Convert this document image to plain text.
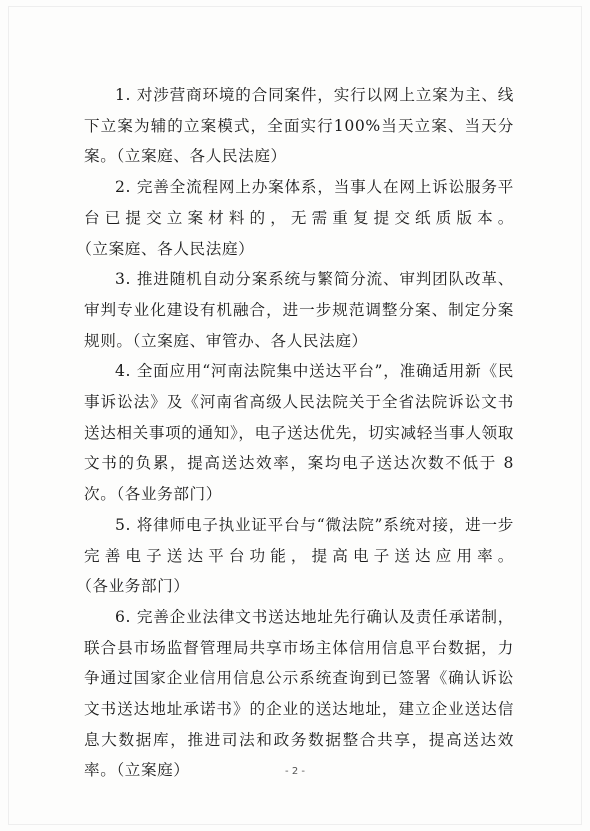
1. 对涉营商环境的合同案件，实行以网上立案为主、线下立案为辅的立案模式，全面实行100%当天立案、当天分案。（立案庭、各人民法庭）

2. 完善全流程网上办案体系，当事人在网上诉讼服务平台已提交立案材料的，无需重复提交纸质版本。（立案庭、各人民法庭）

3. 推进随机自动分案系统与繁简分流、审判团队改革、审判专业化建设有机融合，进一步规范调整分案、制定分案规则。（立案庭、审管办、各人民法庭）

4. 全面应用“河南法院集中送达平台”，准确适用新《民事诉讼法》及《河南省高级人民法院关于全省法院诉讼文书送达相关事项的通知》，电子送达优先，切实减轻当事人领取文书的负累，提高送达效率，案均电子送达次数不低于 8次。（各业务部门）

5. 将律师电子执业证平台与“微法院”系统对接，进一步完善电子送达平台功能，提高电子送达应用率。（各业务部门）

6. 完善企业法律文书送达地址先行确认及责任承诺制，联合县市场监督管理局共享市场主体信用信息平台数据，力争通过国家企业信用信息公示系统查询到已签署《确认诉讼文书送达地址承诺书》的企业的送达地址，建立企业送达信息大数据库，推进司法和政务数据整合共享，提高送达效率。（立案庭）	- 2 -
